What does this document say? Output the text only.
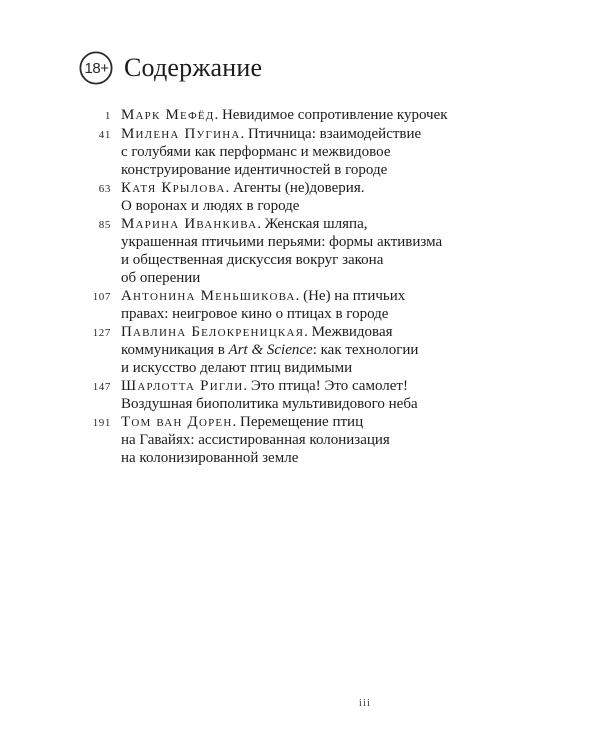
18+ Содержание
1 Марк Мефёд. Невидимое сопротивление курочек
41 Милена Пугина. Птичница: взаимодействие
с голубями как перформанс и межвидовое
конструирование идентичностей в городе
63 Катя Крылова. Агенты (не)доверия.
О воронах и людях в городе
85 Марина Иванкива. Женская шляпа,
украшенная птичьими перьями: формы активизма
и общественная дискуссия вокруг закона
об оперении
107 Антонина Меньшикова. (Не) на птичьих
правах: неигровое кино о птицах в городе
127 Павлина Белокреницкая. Межвидовая
коммуникация в Art & Science: как технологии
и искусство делают птиц видимыми
147 Шарлотта Ригли. Это птица! Это самолет!
Воздушная биополитика мультивидового неба
191 Том ван Дорен. Перемещение птиц
на Гавайях: ассистированная колонизация
на колонизированной земле
iii
